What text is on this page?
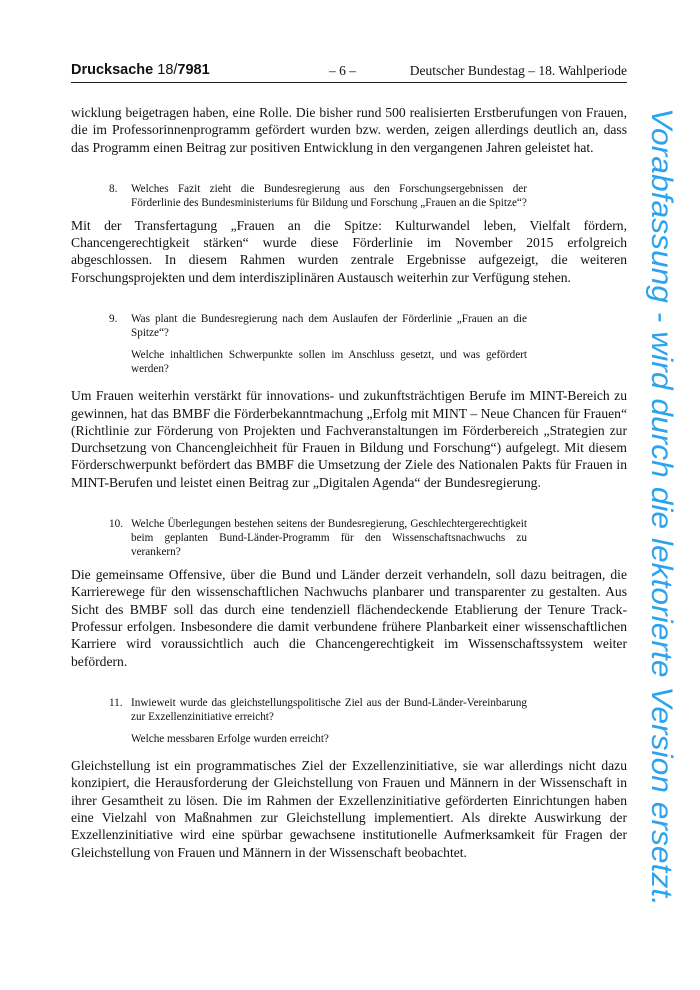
Drucksache 18/7981	– 6 –	Deutscher Bundestag – 18. Wahlperiode

wicklung beigetragen haben, eine Rolle. Die bisher rund 500 realisierten Erstberufungen von Frauen, die im Professorinnenprogramm gefördert wurden bzw. werden, zeigen allerdings deutlich an, dass das Programm einen Beitrag zur positiven Entwicklung in den vergangenen Jahren geleistet hat.

8. Welches Fazit zieht die Bundesregierung aus den Forschungsergebnissen der Förderlinie des Bundesministeriums für Bildung und Forschung „Frauen an die Spitze“?

Mit der Transfertagung „Frauen an die Spitze: Kulturwandel leben, Vielfalt fördern, Chancengerechtigkeit stärken“ wurde diese Förderlinie im November 2015 erfolgreich abgeschlossen. In diesem Rahmen wurden zentrale Ergebnisse aufgezeigt, die weiteren Forschungsprojekten und dem interdisziplinären Austausch weiterhin zur Verfügung stehen.

9. Was plant die Bundesregierung nach dem Auslaufen der Förderlinie „Frauen an die Spitze“?

Welche inhaltlichen Schwerpunkte sollen im Anschluss gesetzt, und was gefördert werden?

Um Frauen weiterhin verstärkt für innovations- und zukunftsträchtigen Berufe im MINT-Bereich zu gewinnen, hat das BMBF die Förderbekanntmachung „Erfolg mit MINT – Neue Chancen für Frauen“ (Richtlinie zur Förderung von Projekten und Fachveranstaltungen im Förderbereich „Strategien zur Durchsetzung von Chancengleichheit für Frauen in Bildung und Forschung“) aufgelegt. Mit diesem Förderschwerpunkt befördert das BMBF die Umsetzung der Ziele des Nationalen Pakts für Frauen in MINT-Berufen und leistet einen Beitrag zur „Digitalen Agenda“ der Bundesregierung.

10. Welche Überlegungen bestehen seitens der Bundesregierung, Geschlechtergerechtigkeit beim geplanten Bund-Länder-Programm für den Wissenschaftsnachwuchs zu verankern?

Die gemeinsame Offensive, über die Bund und Länder derzeit verhandeln, soll dazu beitragen, die Karrierewege für den wissenschaftlichen Nachwuchs planbarer und transparenter zu gestalten. Aus Sicht des BMBF soll das durch eine tendenziell flächendeckende Etablierung der Tenure Track-Professur erfolgen. Insbesondere die damit verbundene frühere Planbarkeit einer wissenschaftlichen Karriere wird voraussichtlich auch die Chancengerechtigkeit im Wissenschaftssystem weiter befördern.

11. Inwieweit wurde das gleichstellungspolitische Ziel aus der Bund-Länder-Vereinbarung zur Exzellenzinitiative erreicht?

Welche messbaren Erfolge wurden erreicht?

Gleichstellung ist ein programmatisches Ziel der Exzellenzinitiative, sie war allerdings nicht dazu konzipiert, die Herausforderung der Gleichstellung von Frauen und Männern in der Wissenschaft in ihrer Gesamtheit zu lösen. Die im Rahmen der Exzellenzinitiative geförderten Einrichtungen haben eine Vielzahl von Maßnahmen zur Gleichstellung implementiert. Als direkte Auswirkung der Exzellenzinitiative wird eine spürbar gewachsene institutionelle Aufmerksamkeit für Fragen der Gleichstellung von Frauen und Männern in der Wissenschaft beobachtet.	Vorabfassung - wird durch die lektorierte Version ersetzt.
